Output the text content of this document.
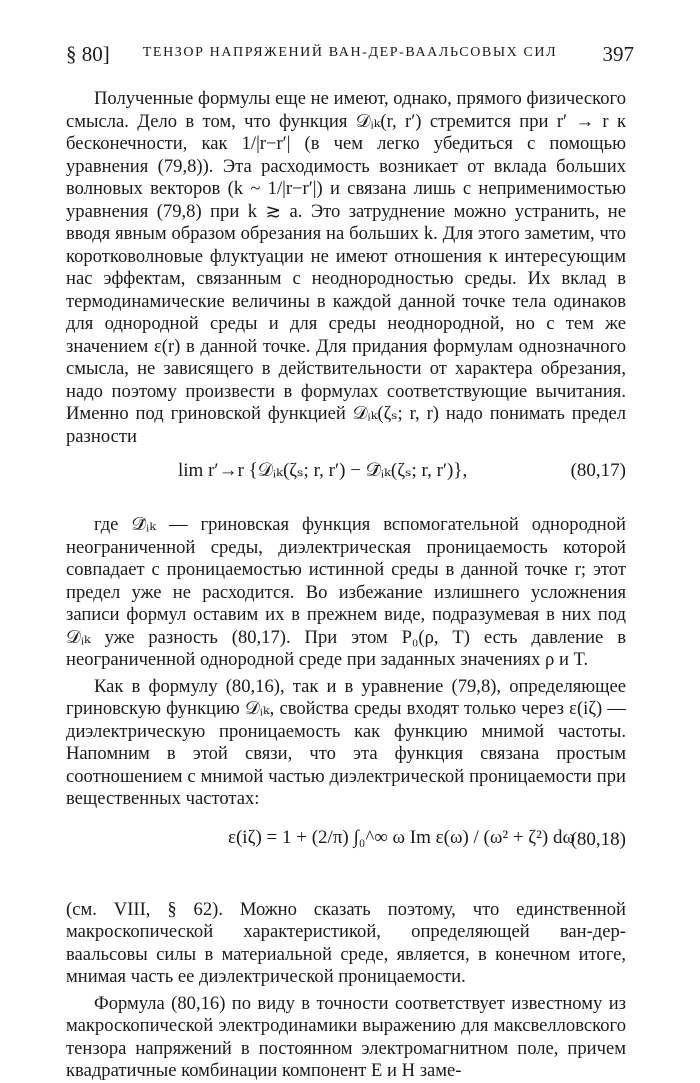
§ 80]	ТЕНЗОР НАПРЯЖЕНИЙ ВАН-ДЕР-ВААЛЬСОВЫХ СИЛ	397

Полученные формулы еще не имеют, однако, прямого физического смысла. Дело в том, что функция 𝒟ᵢₖ(r, r′) стремится при r′ → r к бесконечности, как 1/|r−r′| (в чем легко убедиться с помощью уравнения (79,8)). Эта расходимость возникает от вклада больших волновых векторов (k ~ 1/|r−r′|) и связана лишь с неприменимостью уравнения (79,8) при k ≳ a. Это затруднение можно устранить, не вводя явным образом обрезания на больших k. Для этого заметим, что коротковолновые флуктуации не имеют отношения к интересующим нас эффектам, связанным с неоднородностью среды. Их вклад в термодинамические величины в каждой данной точке тела одинаков для однородной среды и для среды неоднородной, но с тем же значением ε(r) в данной точке. Для придания формулам однозначного смысла, не зависящего в действительности от характера обрезания, надо поэтому произвести в формулах соответствующие вычитания. Именно под гриновской функцией 𝒟ᵢₖ(ζₛ; r, r) надо понимать предел разности

lim r′→r {𝒟ᵢₖ(ζₛ; r, r′) − 𝒟̄ᵢₖ(ζₛ; r, r′)},	(80,17)

где 𝒟̄ᵢₖ — гриновская функция вспомогательной однородной неограниченной среды, диэлектрическая проницаемость которой совпадает с проницаемостью истинной среды в данной точке r; этот предел уже не расходится. Во избежание излишнего усложнения записи формул оставим их в прежнем виде, подразумевая в них под 𝒟ᵢₖ уже разность (80,17). При этом P₀(ρ, T) есть давление в неограниченной однородной среде при заданных значениях ρ и T.

Как в формулу (80,16), так и в уравнение (79,8), определяющее гриновскую функцию 𝒟ᵢₖ, свойства среды входят только через ε(iζ) — диэлектрическую проницаемость как функцию мнимой частоты. Напомним в этой связи, что эта функция связана простым соотношением с мнимой частью диэлектрической проницаемости при вещественных частотах:

ε(iζ) = 1 + (2/π) ∫₀^∞ ω Im ε(ω) / (ω² + ζ²) dω
(80,18)

(см. VIII, § 62). Можно сказать поэтому, что единственной макроскопической характеристикой, определяющей ван-дер-ваальсовы силы в материальной среде, является, в конечном итоге, мнимая часть ее диэлектрической проницаемости.

Формула (80,16) по виду в точности соответствует известному из макроскопической электродинамики выражению для максвелловского тензора напряжений в постоянном электромагнитном поле, причем квадратичные комбинации компонент E и H заме-
